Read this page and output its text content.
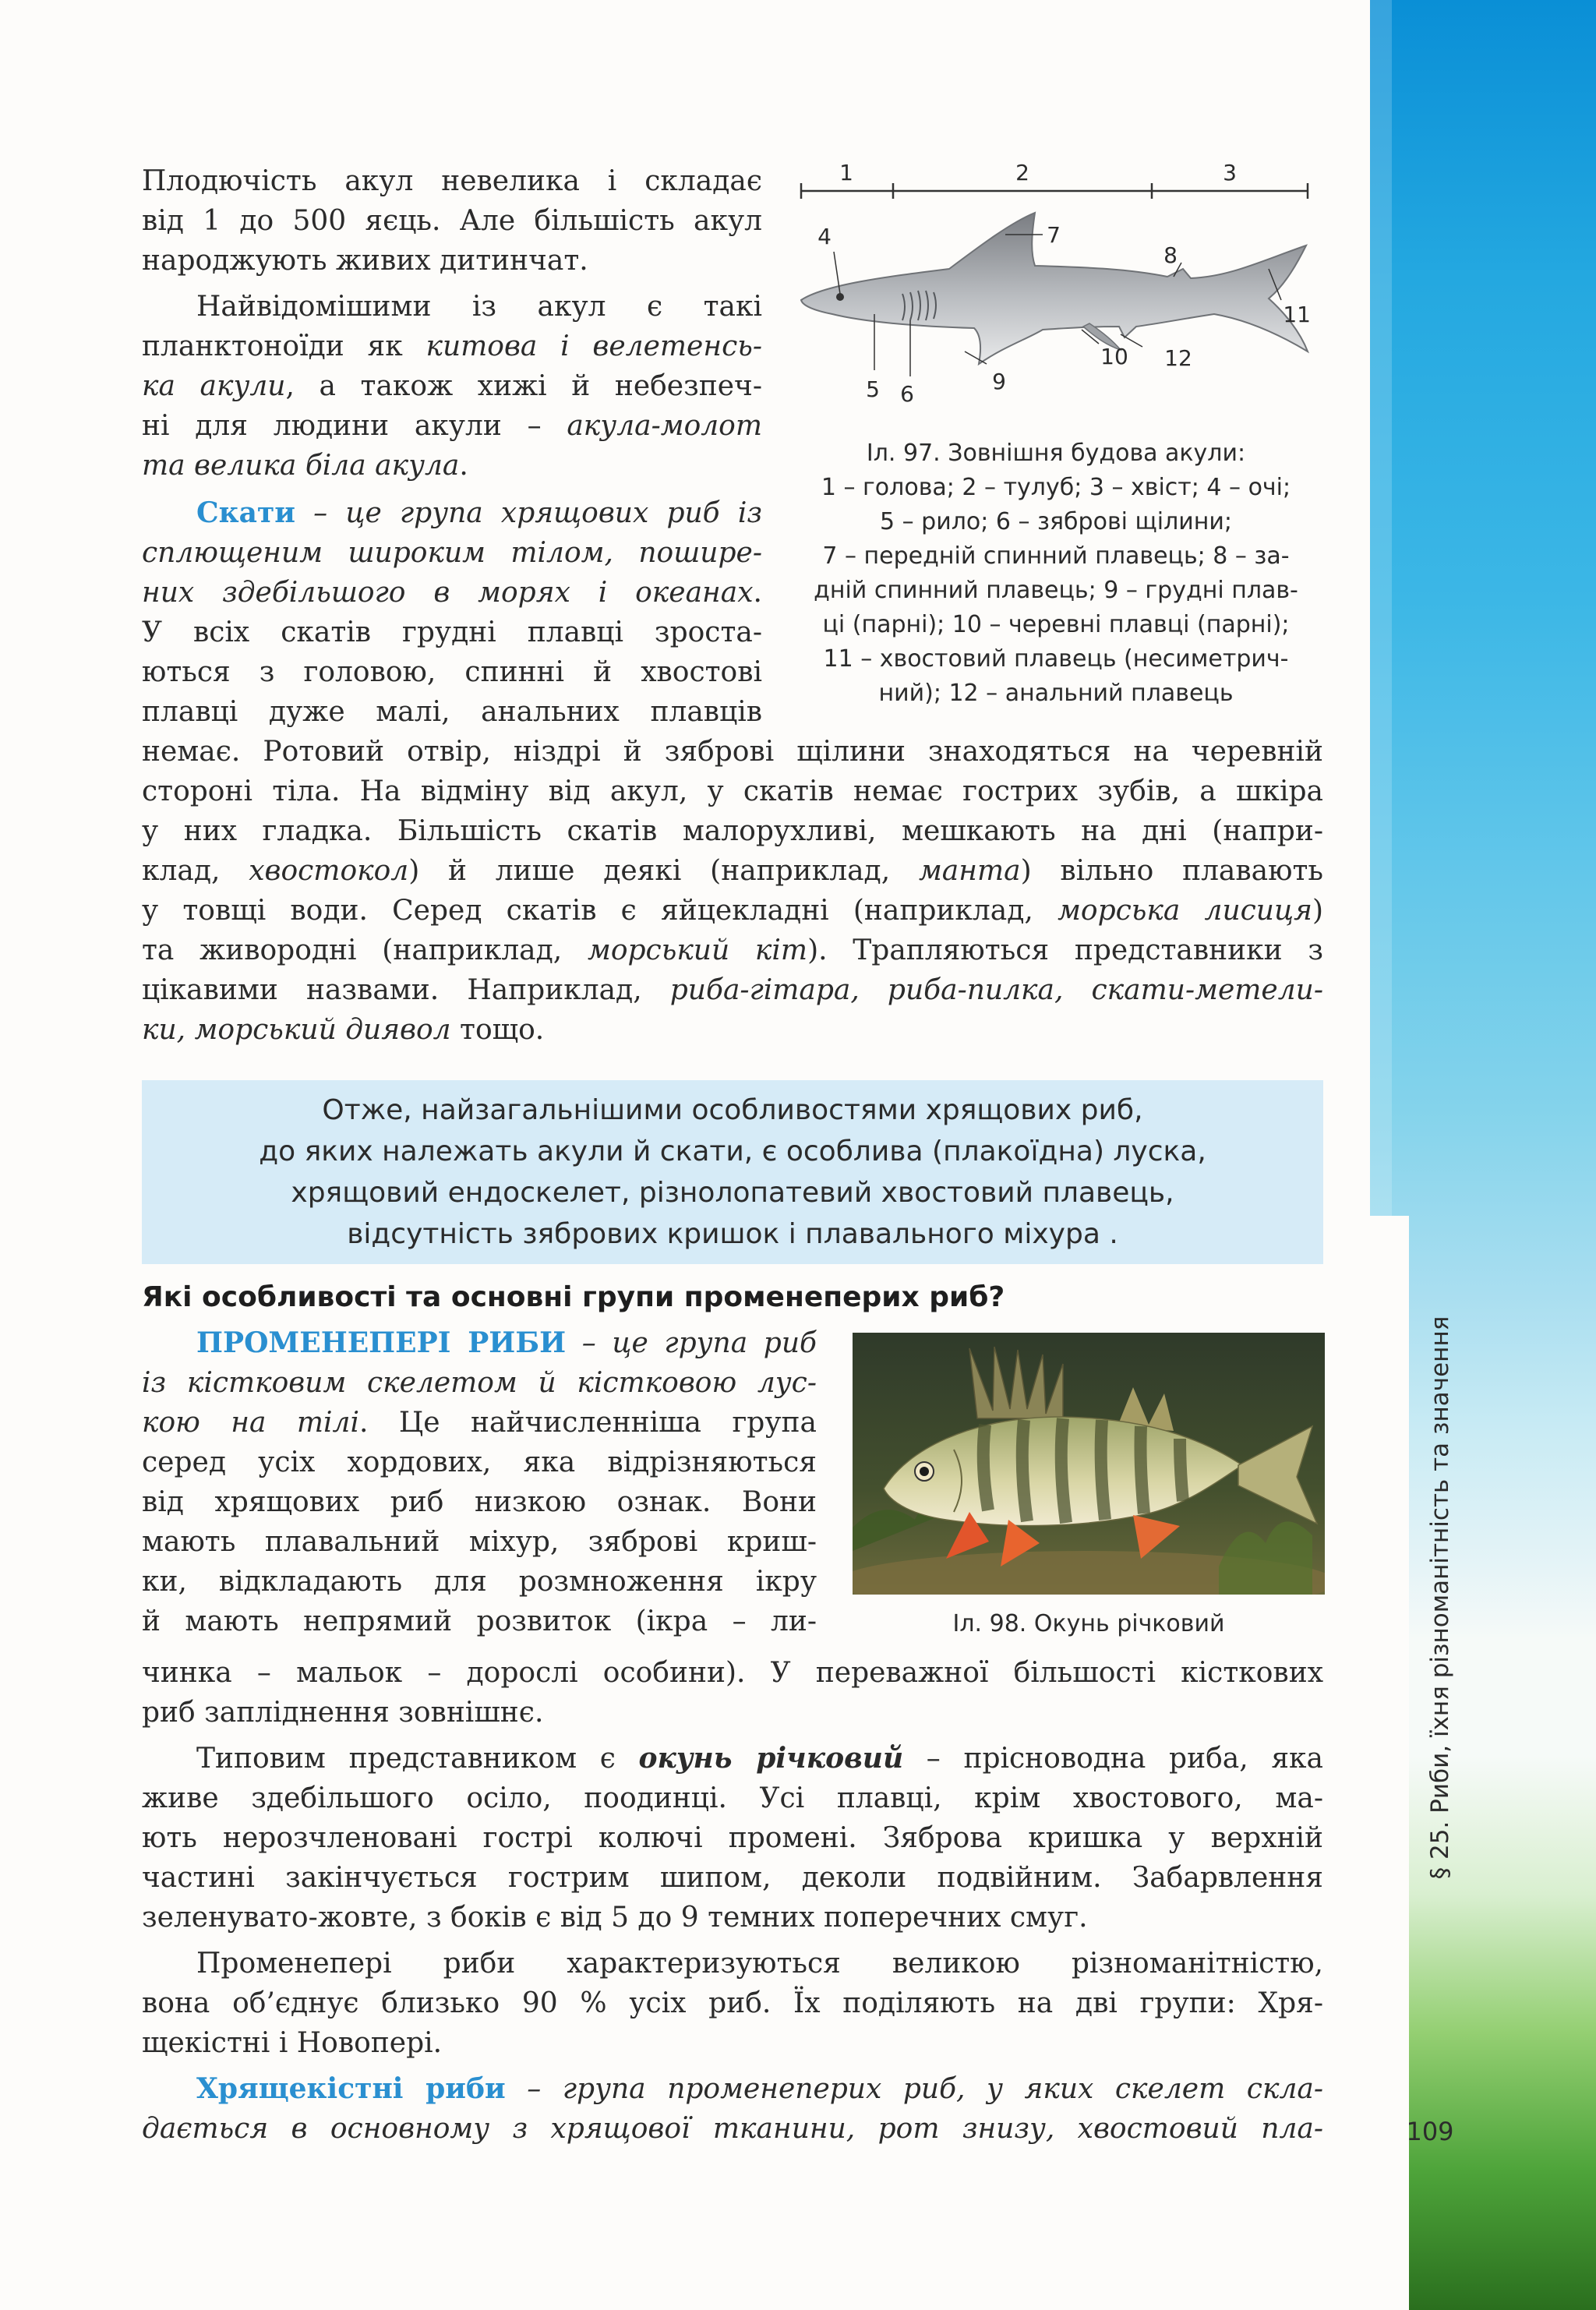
§ 25. Риби, їхня різноманітність та значення
109
Плодючість акул невелика і складає
від 1 до 500 яєць. Але більшість акул
народжують живих дитинчат.
Найвідомішими із акул є такі
планктоноїди як китова і велетенсь-
ка акули, а також хижі й небезпеч-
ні для людини акули – акула-молот
та велика біла акула.
Скати – це група хрящових риб із
сплющеним широким тілом, поширe-
них здебільшого в морях і океанах.
У всіх скатів грудні плавці зроста-
ються з головою, спинні й хвостові
плавці дуже малі, анальних плавців
немає. Ротовий отвір, ніздрі й зяброві щілини знаходяться на черевній
стороні тіла. На відміну від акул, у скатів немає гострих зубів, а шкіра
у них гладка. Більшість скатів малорухливі, мешкають на дні (напри-
клад, хвостокол) й лише деякі (наприклад, манта) вільно плавають
у товщі води. Серед скатів є яйцекладні (наприклад, морська лисиця)
та живородні (наприклад, морський кіт). Трапляються представники з
цікавими назвами. Наприклад, риба-гітара, риба-пилка, скати-метели-
ки, морський диявол тощо.
1	2	3
4
5 6
7
8
9
10
11
12
Іл. 97. Зовнішня будова акули:
1 – голова; 2 – тулуб; 3 – хвіст; 4 – очі;
5 – рило; 6 – зяброві щілини;
7 – передній спинний плавець; 8 – за-
дній спинний плавець; 9 – грудні плав-
ці (парні); 10 – черевні плавці (парні);
11 – хвостовий плавець (несиметрич-
ний); 12 – анальний плавець
Отже, найзагальнішими особливостями хрящових риб,
до яких належать акули й скати, є особлива (плакоїдна) луска,
хрящовий ендоскелет, різнолопатевий хвостовий плавець,
відсутність зябрових кришок і плавального міхура .
Які особливості та основні групи променеперих риб?
ПРОМЕНЕПЕРІ РИБИ – це група риб
із кістковим скелетом й кістковою лус-
кою на тілі. Це найчисленніша група
серед усіх хордових, яка відрізняються
від хрящових риб низкою ознак. Вони
мають плавальний міхур, зяброві криш-
ки, відкладають для розмноження ікру
й мають непрямий розвиток (ікра – ли-
чинка – мальок – дорослі особини). У переважної більшості кісткових
риб запліднення зовнішнє.
Іл. 98. Окунь річковий
Типовим представником є окунь річковий – прісноводна риба, яка
живе здебільшого осіло, поодинці. Усі плавці, крім хвостового, ма-
ють нерозчленовані гострі колючі промені. Зяброва кришка у верхній
частині закінчується гострим шипом, деколи подвійним. Забарвлення
зеленувато-жовте, з боків є від 5 до 9 темних поперечних смуг.
Променепері риби характеризуються великою різноманітністю,
вона об’єднує близько 90 % усіх риб. Їх поділяють на дві групи: Хря-
щекістні і Новопері.
Хрящекістні риби – група променеперих риб, у яких скелет скла-
дається в основному з хрящової тканини, рот знизу, хвостовий пла-
